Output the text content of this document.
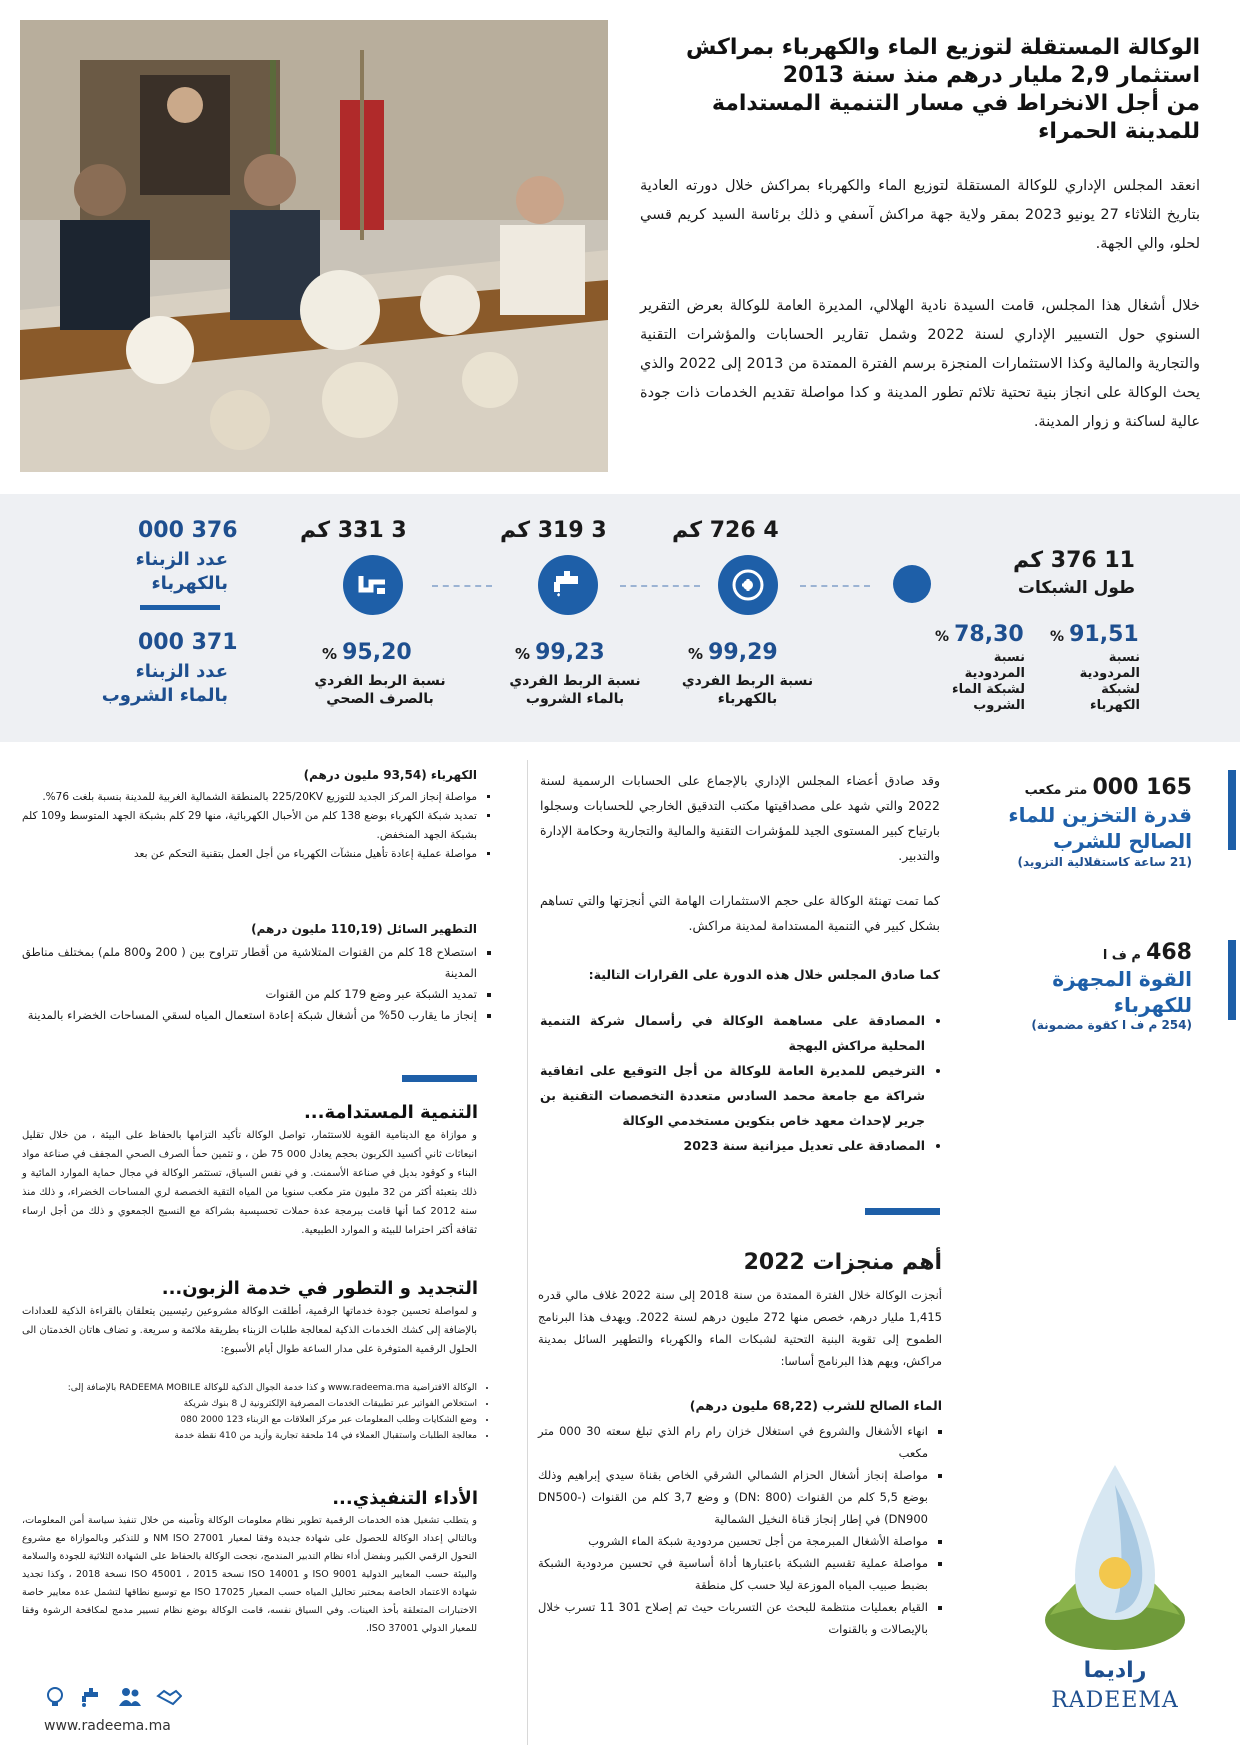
الوكالة المستقلة لتوزيع الماء والكهرباء بمراكش
استثمار 2,9 مليار درهم منذ سنة 2013
من أجل الانخراط في مسار التنمية المستدامة
للمدينة الحمراء
انعقد المجلس الإداري للوكالة المستقلة لتوزيع الماء والكهرباء بمراكش خلال دورته العادية بتاريخ الثلاثاء 27 يونيو 2023 بمقر ولاية جهة مراكش آسفي و ذلك برئاسة السيد كريم قسي لحلو، والي الجهة.
خلال أشغال هذا المجلس، قامت السيدة نادية الهلالي، المديرة العامة للوكالة بعرض التقرير السنوي حول التسيير الإداري لسنة 2022 وشمل تقارير الحسابات والمؤشرات التقنية والتجارية والمالية وكذا الاستثمارات المنجزة برسم الفترة الممتدة من 2013 إلى 2022 والذي يحث الوكالة على انجاز بنية تحتية تلائم تطور المدينة و كدا مواصلة تقديم الخدمات ذات جودة عالية لساكنة و زوار المدينة.
11 376 كم
طول الشبكات
4 726 كم
99,29 %
نسبة الربط الفردي بالكهرباء
3 319 كم
99,23 %
نسبة الربط الفردي بالماء الشروب
3 331 كم
95,20 %
نسبة الربط الفردي بالصرف الصحي
376 000
عدد الزبناء بالكهرباء
371 000
عدد الزبناء بالماء الشروب
91,51 %
نسبة المردودية لشبكة الكهرباء
78,30 %
نسبة المردودية لشبكة الماء الشروب
165 000 متر مكعب
قدرة التخزين للماء الصالح للشرب
(21 ساعة كاستقلالية التزويد)
468 م ف ا
القوة المجهزة للكهرباء
(254 م ف ا كقوة مضمونة)
راديما
RADEEMA
وقد صادق أعضاء المجلس الإداري بالإجماع على الحسابات الرسمية لسنة 2022 والتي شهد على مصداقيتها مكتب التدقيق الخارجي للحسابات وسجلوا بارتياح كبير المستوى الجيد للمؤشرات التقنية والمالية والتجارية وحكامة الإدارة والتدبير.
كما تمت تهنئة الوكالة على حجم الاستثمارات الهامة التي أنجزتها والتي تساهم بشكل كبير في التنمية المستدامة لمدينة مراكش.
كما صادق المجلس خلال هذه الدورة على القرارات التالية:
• المصادقة على مساهمة الوكالة في رأسمال شركة التنمية المحلية مراكش البهجة
• الترخيص للمديرة العامة للوكالة من أجل التوقيع على اتفاقية شراكة مع جامعة محمد السادس متعددة التخصصات التقنية بن جرير لإحداث معهد خاص بتكوين مستخدمي الوكالة
• المصادقة على تعديل ميزانية سنة 2023
أهم منجزات 2022
أنجزت الوكالة خلال الفترة الممتدة من سنة 2018 إلى سنة 2022 غلاف مالي قدره 1,415 مليار درهم، خصص منها 272 مليون درهم لسنة 2022. ويهدف هذا البرنامج الطموح إلى تقوية البنية التحتية لشبكات الماء والكهرباء والتطهير السائل بمدينة مراكش، ويهم هذا البرنامج أساسا:
الماء الصالح للشرب (68,22 مليون درهم)
▪ انهاء الأشغال والشروع في استغلال خزان رام رام الذي تبلغ سعته 30 000 متر مكعب
▪ مواصلة إنجاز أشغال الحزام الشمالي الشرقي الخاص بقناة سيدي إبراهيم وذلك بوضع 5,5 كلم من القنوات (DN: 800) و وضع 3,7 كلم من القنوات (DN500-DN900) في إطار إنجاز قناة النخيل الشمالية
▪ مواصلة الأشغال المبرمجة من أجل تحسين مردودية شبكة الماء الشروب
▪ مواصلة عملية تقسيم الشبكة باعتبارها أداة أساسية في تحسين مردودية الشبكة بضبط صبيب المياه الموزعة ليلا حسب كل منطقة
▪ القيام بعمليات منتظمة للبحث عن التسربات حيث تم إصلاح 301 11 تسرب خلال بالإيصالات و بالقنوات
الكهرباء (93,54 مليون درهم)
▪ مواصلة إنجاز المركز الجديد للتوزيع 225/20KV بالمنطقة الشمالية الغربية للمدينة بنسبة بلغت 76%.
▪ تمديد شبكة الكهرباء بوضع 138 كلم من الأحبال الكهربائية، منها 29 كلم بشبكة الجهد المتوسط و109 كلم بشبكة الجهد المنخفض.
▪ مواصلة عملية إعادة تأهيل منشآت الكهرباء من أجل العمل بتقنية التحكم عن بعد
التطهير السائل (110,19 مليون درهم)
▪ استصلاح 18 كلم من القنوات المتلاشية من أقطار تتراوح بين ( 200 و800 ملم) بمختلف مناطق المدينة
▪ تمديد الشبكة عبر وضع 179 كلم من القنوات
▪ إنجاز ما يقارب 50% من أشغال شبكة إعادة استعمال المياه لسقي المساحات الخضراء بالمدينة
التنمية المستدامة...
و موازاة مع الدينامية القوية للاستثمار، تواصل الوكالة تأكيد التزامها بالحفاظ على البيئة ، من خلال تقليل انبعاثات ثاني أكسيد الكربون بحجم يعادل 000 75 طن ، و تثمين حمأ الصرف الصحي المجفف في صناعة مواد البناء و كوقود بديل في صناعة الأسمنت. و في نفس السياق، تستثمر الوكالة في مجال حماية الموارد المائية و ذلك بتعبئة أكثر من 32 مليون متر مكعب سنويا من المياه التقية الخصصة لري المساحات الخضراء، و ذلك منذ سنة 2012 كما أنها قامت ببرمجة عدة حملات تحسيسية بشراكة مع النسيج الجمعوي و ذلك من أجل ارساء ثقافة أكثر احتراما للبيئة و الموارد الطبيعية.
التجديد و التطور في خدمة الزبون...
و لمواصلة تحسين جودة خدماتها الرقمية، أطلقت الوكالة مشروعين رئيسيين يتعلقان بالقراءة الذكية للعدادات بالإضافة إلى كشك الخدمات الذكية لمعالجة طلبات الزبناء بطريقة ملائمة و سريعة. و تضاف هاتان الخدمتان الى الحلول الرقمية المتوفرة على مدار الساعة طوال أيام الأسبوع:
• الوكالة الافتراضية www.radeema.ma و كذا خدمة الجوال الذكية للوكالة RADEEMA MOBILE بالإضافة إلى:
• استخلاص الفواتير عبر تطبيقات الخدمات المصرفية الإلكترونية ل 8 بنوك شريكة
• وضع الشكايات وطلب المعلومات عبر مركز العلاقات مع الزبناء 123 2000 080
• معالجة الطلبات واستقبال العملاء في 14 ملحقة تجارية وأزيد من 410 نقطة خدمة
الأداء التنفيذي...
و يتطلب تشغيل هذه الخدمات الرقمية تطوير نظام معلومات الوكالة وتأمينه من خلال تنفيذ سياسة أمن المعلومات، وبالتالي إعداد الوكالة للحصول على شهادة جديدة وفقا لمعيار NM ISO 27001 و للتذكير وبالموازاة مع مشروع التحول الرقمي الكبير وبفضل أداء نظام التدبير المندمج، نجحت الوكالة بالحفاظ على الشهادة الثلاثية للجودة والسلامة والبيئة حسب المعايير الدولية ISO 9001 و ISO 14001 نسخة 2015 ، ISO 45001 نسخة 2018 ، وكذا تجديد شهادة الاعتماد الخاصة بمختبر تحاليل المياه حسب المعيار ISO 17025 مع توسيع نطاقها لتشمل عدة معايير خاصة الاختبارات المتعلقة بأخذ العينات. وفي السياق نفسه، قامت الوكالة بوضع نظام تسيير مدمج لمكافحة الرشوة وفقا للمعيار الدولي ISO 37001.
www.radeema.ma
